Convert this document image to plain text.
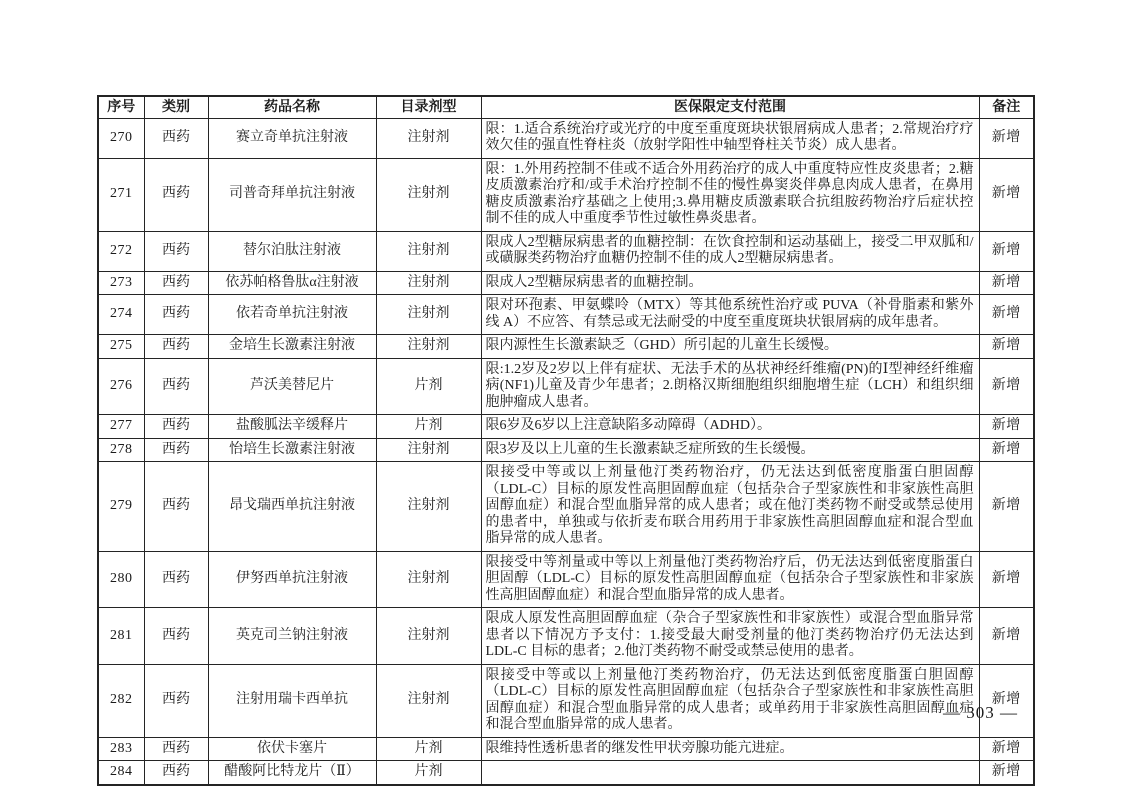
序号	类别	药品名称	目录剂型	医保限定支付范围	备注
270	西药	赛立奇单抗注射液	注射剂	限：1.适合系统治疗或光疗的中度至重度斑块状银屑病成人患者；2.常规治疗疗效欠佳的强直性脊柱炎（放射学阳性中轴型脊柱关节炎）成人患者。	新增
271	西药	司普奇拜单抗注射液	注射剂	限：1.外用药控制不佳或不适合外用药治疗的成人中重度特应性皮炎患者；2.糖皮质激素治疗和/或手术治疗控制不佳的慢性鼻窦炎伴鼻息肉成人患者，在鼻用糖皮质激素治疗基础之上使用;3.鼻用糖皮质激素联合抗组胺药物治疗后症状控制不佳的成人中重度季节性过敏性鼻炎患者。	新增
272	西药	替尔泊肽注射液	注射剂	限成人2型糖尿病患者的血糖控制：在饮食控制和运动基础上，接受二甲双胍和/或磺脲类药物治疗血糖仍控制不佳的成人2型糖尿病患者。	新增
273	西药	依苏帕格鲁肽α注射液	注射剂	限成人2型糖尿病患者的血糖控制。	新增
274	西药	依若奇单抗注射液	注射剂	限对环孢素、甲氨蝶呤（MTX）等其他系统性治疗或 PUVA（补骨脂素和紫外线 A）不应答、有禁忌或无法耐受的中度至重度斑块状银屑病的成年患者。	新增
275	西药	金培生长激素注射液	注射剂	限内源性生长激素缺乏（GHD）所引起的儿童生长缓慢。	新增
276	西药	芦沃美替尼片	片剂	限:1.2岁及2岁以上伴有症状、无法手术的丛状神经纤维瘤(PN)的Ⅰ型神经纤维瘤病(NF1)儿童及青少年患者；2.朗格汉斯细胞组织细胞增生症（LCH）和组织细胞肿瘤成人患者。	新增
277	西药	盐酸胍法辛缓释片	片剂	限6岁及6岁以上注意缺陷多动障碍（ADHD）。	新增
278	西药	怡培生长激素注射液	注射剂	限3岁及以上儿童的生长激素缺乏症所致的生长缓慢。	新增
279	西药	昂戈瑞西单抗注射液	注射剂	限接受中等或以上剂量他汀类药物治疗，仍无法达到低密度脂蛋白胆固醇（LDL-C）目标的原发性高胆固醇血症（包括杂合子型家族性和非家族性高胆固醇血症）和混合型血脂异常的成人患者；或在他汀类药物不耐受或禁忌使用的患者中，单独或与依折麦布联合用药用于非家族性高胆固醇血症和混合型血脂异常的成人患者。	新增
280	西药	伊努西单抗注射液	注射剂	限接受中等剂量或中等以上剂量他汀类药物治疗后，仍无法达到低密度脂蛋白胆固醇（LDL-C）目标的原发性高胆固醇血症（包括杂合子型家族性和非家族性高胆固醇血症）和混合型血脂异常的成人患者。	新增
281	西药	英克司兰钠注射液	注射剂	限成人原发性高胆固醇血症（杂合子型家族性和非家族性）或混合型血脂异常患者以下情况方予支付：1.接受最大耐受剂量的他汀类药物治疗仍无法达到 LDL-C 目标的患者；2.他汀类药物不耐受或禁忌使用的患者。	新增
282	西药	注射用瑞卡西单抗	注射剂	限接受中等或以上剂量他汀类药物治疗，仍无法达到低密度脂蛋白胆固醇（LDL-C）目标的原发性高胆固醇血症（包括杂合子型家族性和非家族性高胆固醇血症）和混合型血脂异常的成人患者；或单药用于非家族性高胆固醇血症和混合型血脂异常的成人患者。	新增
283	西药	依伏卡塞片	片剂	限维持性透析患者的继发性甲状旁腺功能亢进症。	新增
284	西药	醋酸阿比特龙片（Ⅱ）	片剂		新增
— 303 —
